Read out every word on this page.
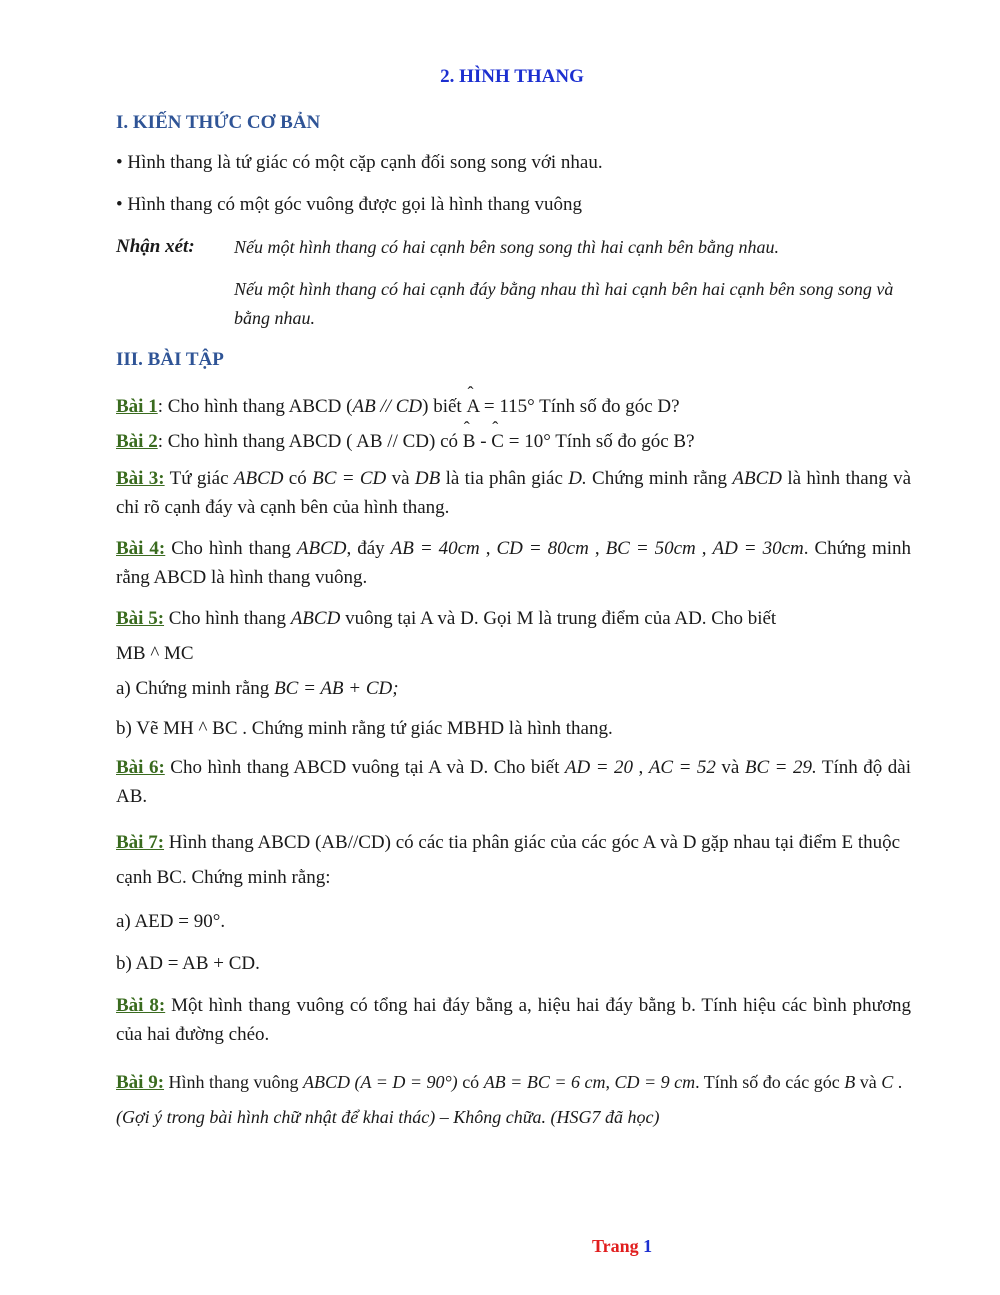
2. HÌNH THANG
I. KIẾN THỨC CƠ BẢN
• Hình thang là tứ giác có một cặp cạnh đối song song với nhau.
• Hình thang có một góc vuông được gọi là hình thang vuông
Nhận xét: Nếu một hình thang có hai cạnh bên song song thì hai cạnh bên bằng nhau.
Nếu một hình thang có hai cạnh đáy bằng nhau thì hai cạnh bên hai cạnh bên song song và bằng nhau.
III. BÀI TẬP
Bài 1: Cho hình thang ABCD (AB // CD) biết ˆ A = 115° Tính số đo góc D?
Bài 2: Cho hình thang ABCD ( AB // CD) có ˆ B - ˆ C = 10° Tính số đo góc B?
Bài 3: Tứ giác ABCD có BC = CD và DB là tia phân giác D. Chứng minh rằng ABCD là hình thang và chỉ rõ cạnh đáy và cạnh bên của hình thang.
Bài 4: Cho hình thang ABCD, đáy AB = 40cm , CD = 80cm , BC = 50cm , AD = 30cm. Chứng minh rằng ABCD là hình thang vuông.
Bài 5: Cho hình thang ABCD vuông tại A và D. Gọi M là trung điểm của AD. Cho biết
MB ^ MC
a) Chứng minh rằng BC = AB + CD;
b) Vẽ MH ^ BC . Chứng minh rằng tứ giác MBHD là hình thang.
Bài 6: Cho hình thang ABCD vuông tại A và D. Cho biết AD = 20 , AC = 52 và BC = 29. Tính độ dài AB.
Bài 7: Hình thang ABCD (AB//CD) có các tia phân giác của các góc A và D gặp nhau tại điểm E thuộc cạnh BC. Chứng minh rằng:
a) AED = 90°.
b) AD = AB + CD.
Bài 8: Một hình thang vuông có tổng hai đáy bằng a, hiệu hai đáy bằng b. Tính hiệu các bình phương của hai đường chéo.
Bài 9: Hình thang vuông ABCD (A = D = 90°) có AB = BC = 6 cm, CD = 9 cm. Tính số đo các góc B và C . (Gợi ý trong bài hình chữ nhật để khai thác) – Không chữa. (HSG7 đã học)
Trang 1
